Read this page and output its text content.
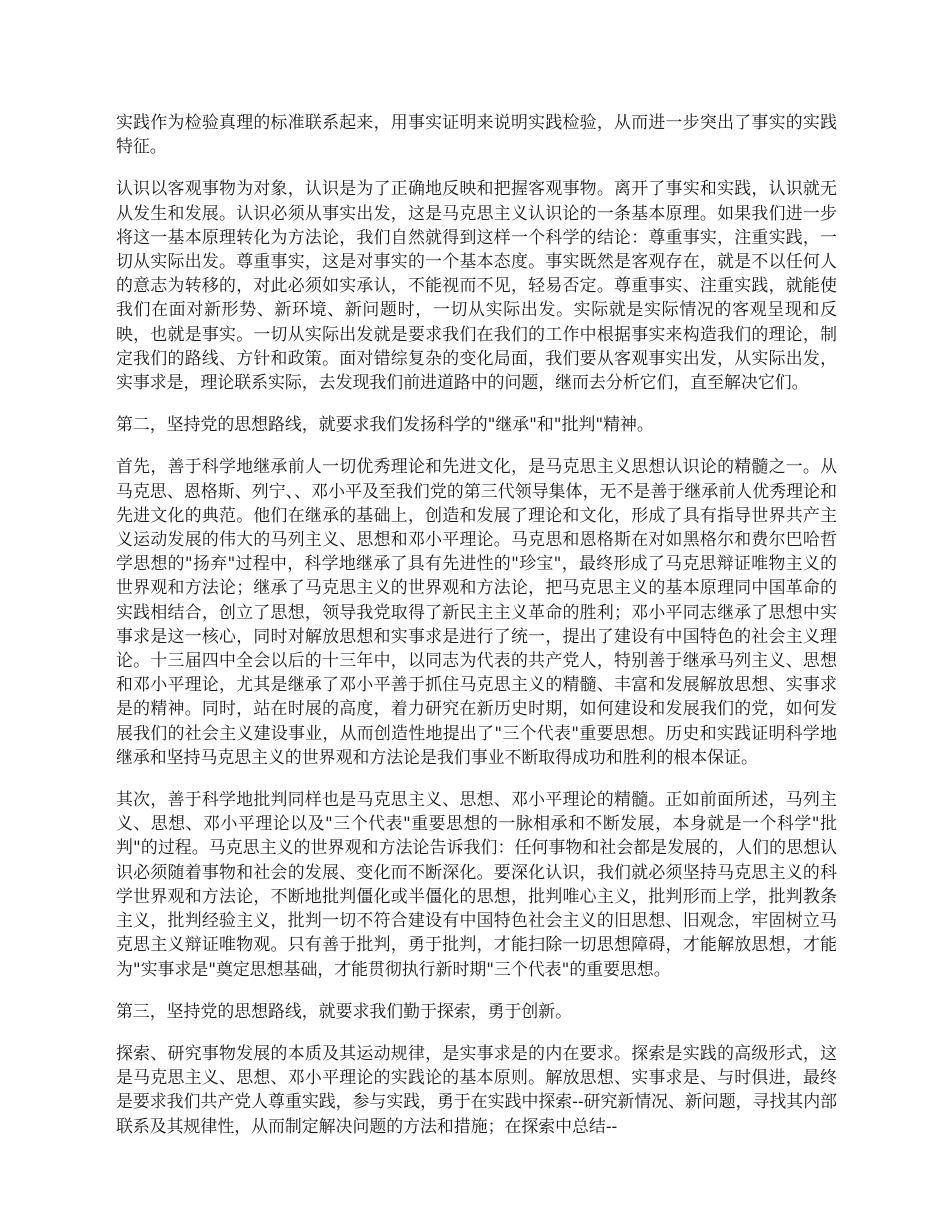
实践作为检验真理的标准联系起来，用事实证明来说明实践检验，从而进一步突出了事实的实践特征。

认识以客观事物为对象，认识是为了正确地反映和把握客观事物。离开了事实和实践，认识就无从发生和发展。认识必须从事实出发，这是马克思主义认识论的一条基本原理。如果我们进一步将这一基本原理转化为方法论，我们自然就得到这样一个科学的结论：尊重事实，注重实践，一切从实际出发。尊重事实，这是对事实的一个基本态度。事实既然是客观存在，就是不以任何人的意志为转移的，对此必须如实承认，不能视而不见，轻易否定。尊重事实、注重实践，就能使我们在面对新形势、新环境、新问题时，一切从实际出发。实际就是实际情况的客观呈现和反映，也就是事实。一切从实际出发就是要求我们在我们的工作中根据事实来构造我们的理论，制定我们的路线、方针和政策。面对错综复杂的变化局面，我们要从客观事实出发，从实际出发，实事求是，理论联系实际，去发现我们前进道路中的问题，继而去分析它们，直至解决它们。

第二，坚持党的思想路线，就要求我们发扬科学的"继承"和"批判"精神。

首先，善于科学地继承前人一切优秀理论和先进文化，是马克思主义思想认识论的精髓之一。从马克思、恩格斯、列宁、、邓小平及至我们党的第三代领导集体，无不是善于继承前人优秀理论和先进文化的典范。他们在继承的基础上，创造和发展了理论和文化，形成了具有指导世界共产主义运动发展的伟大的马列主义、思想和邓小平理论。马克思和恩格斯在对如黑格尔和费尔巴哈哲学思想的"扬弃"过程中，科学地继承了具有先进性的"珍宝"，最终形成了马克思辩证唯物主义的世界观和方法论；继承了马克思主义的世界观和方法论，把马克思主义的基本原理同中国革命的实践相结合，创立了思想，领导我党取得了新民主主义革命的胜利；邓小平同志继承了思想中实事求是这一核心，同时对解放思想和实事求是进行了统一，提出了建设有中国特色的社会主义理论。十三届四中全会以后的十三年中，以同志为代表的共产党人，特别善于继承马列主义、思想和邓小平理论，尤其是继承了邓小平善于抓住马克思主义的精髓、丰富和发展解放思想、实事求是的精神。同时，站在时展的高度，着力研究在新历史时期，如何建设和发展我们的党，如何发展我们的社会主义建设事业，从而创造性地提出了"三个代表"重要思想。历史和实践证明科学地继承和坚持马克思主义的世界观和方法论是我们事业不断取得成功和胜利的根本保证。

其次，善于科学地批判同样也是马克思主义、思想、邓小平理论的精髓。正如前面所述，马列主义、思想、邓小平理论以及"三个代表"重要思想的一脉相承和不断发展，本身就是一个科学"批判"的过程。马克思主义的世界观和方法论告诉我们：任何事物和社会都是发展的，人们的思想认识必须随着事物和社会的发展、变化而不断深化。要深化认识，我们就必须坚持马克思主义的科学世界观和方法论，不断地批判僵化或半僵化的思想，批判唯心主义，批判形而上学，批判教条主义，批判经验主义，批判一切不符合建设有中国特色社会主义的旧思想、旧观念，牢固树立马克思主义辩证唯物观。只有善于批判，勇于批判，才能扫除一切思想障碍，才能解放思想，才能为"实事求是"奠定思想基础，才能贯彻执行新时期"三个代表"的重要思想。

第三，坚持党的思想路线，就要求我们勤于探索，勇于创新。

探索、研究事物发展的本质及其运动规律，是实事求是的内在要求。探索是实践的高级形式，这是马克思主义、思想、邓小平理论的实践论的基本原则。解放思想、实事求是、与时俱进，最终是要求我们共产党人尊重实践，参与实践，勇于在实践中探索--研究新情况、新问题，寻找其内部联系及其规律性，从而制定解决问题的方法和措施；在探索中总结--
